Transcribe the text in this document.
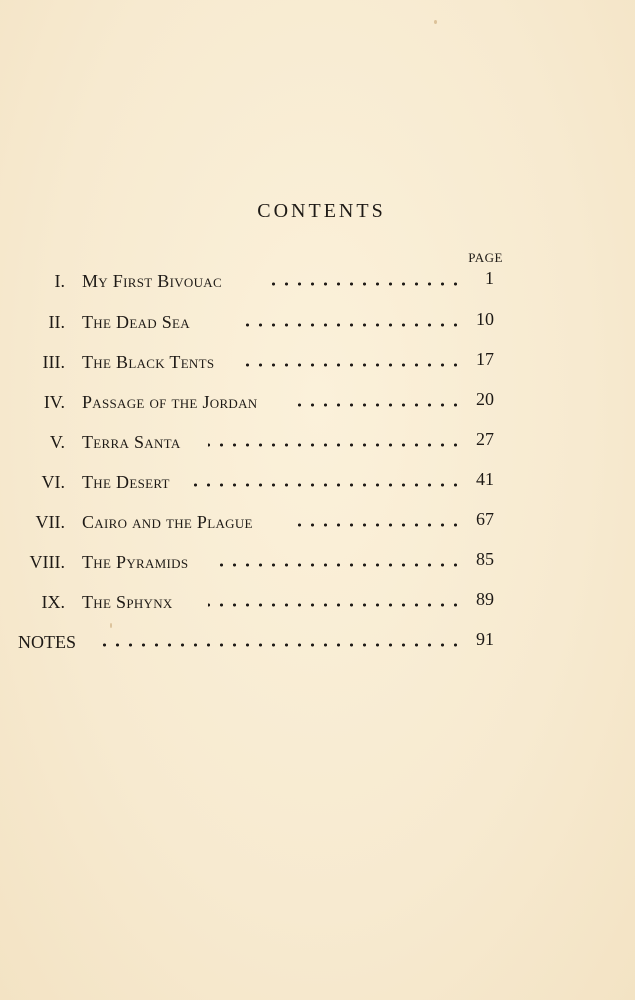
CONTENTS
PAGE
I. My First Bivouac	1
II. The Dead Sea	10
III. The Black Tents	17
IV. Passage of the Jordan	20
V. Terra Santa	27
VI. The Desert	41
VII. Cairo and the Plague	67
VIII. The Pyramids	85
IX. The Sphynx	89
NOTES	91
